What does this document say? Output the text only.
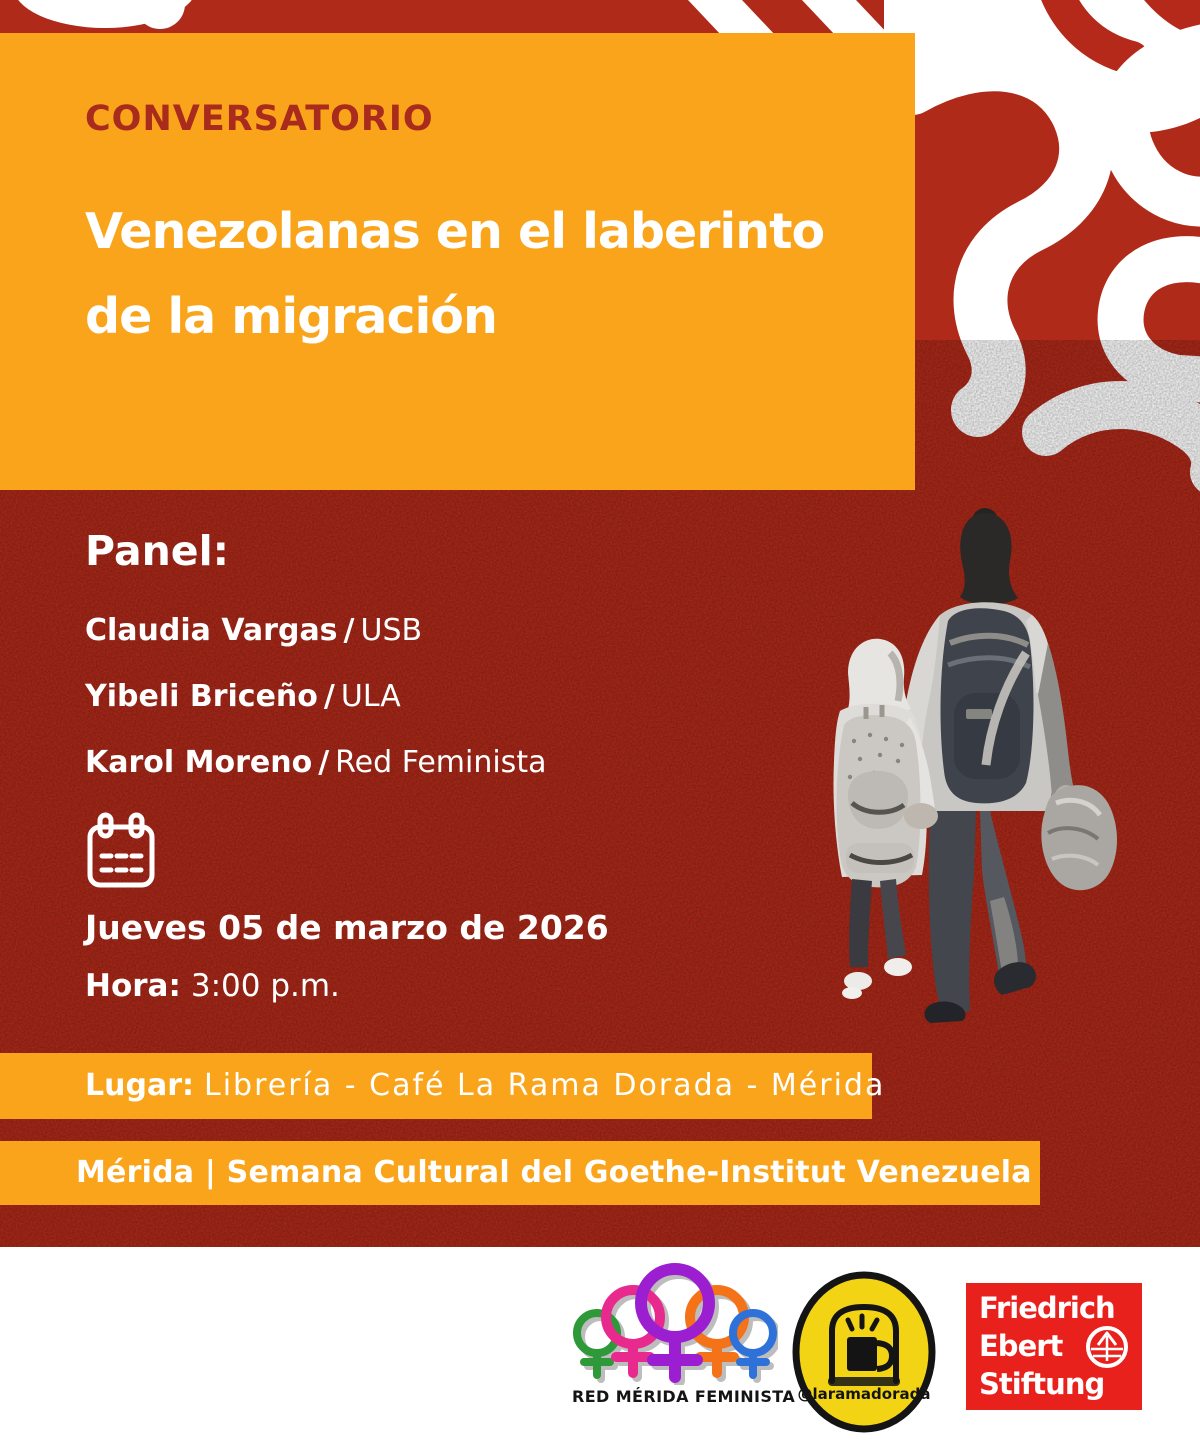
CONVERSATORIO
Venezolanas en el laberinto
de la migración
Panel:
Claudia Vargas / USB
Yibeli Briceño / ULA
Karol Moreno / Red Feminista
Jueves 05 de marzo de 2026
Hora: 3:00 p.m.
Lugar: Librería - Café La Rama Dorada - Mérida
Mérida | Semana Cultural del Goethe-Institut Venezuela
RED MÉRIDA FEMINISTA @laramadorada
Friedrich
Ebert
Stiftung
